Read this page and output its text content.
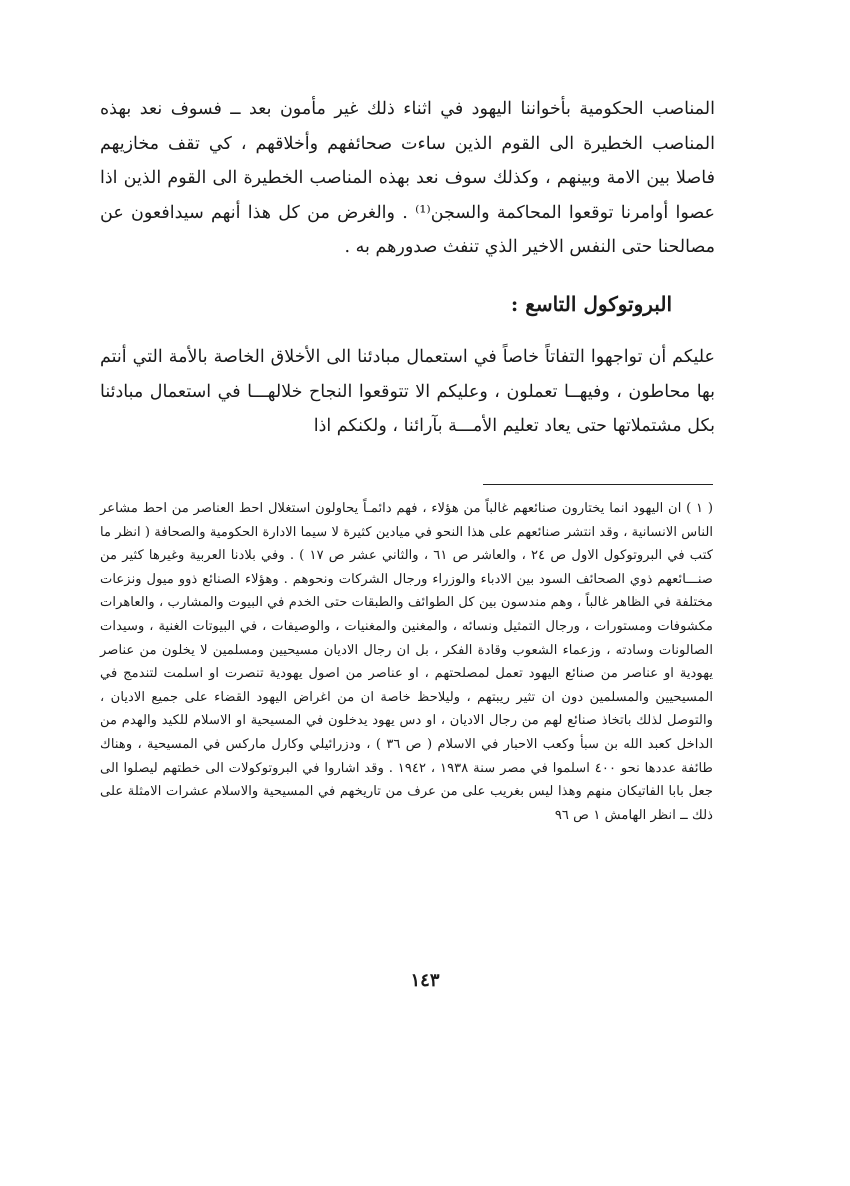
المناصب الحكومية بأخواننا اليهود في اثناء ذلك غير مأمون بعد ــ فسوف نعد بهذه المناصب الخطيرة الى القوم الذين ساءت صحائفهم وأخلاقهم ، كي تقف مخازيهم فاصلا بين الامة وبينهم ، وكذلك سوف نعد بهذه المناصب الخطيرة الى القوم الذين اذا عصوا أوامرنا توقعوا المحاكمة والسجن⁽¹⁾ . والغرض من كل هذا أنهم سيدافعون عن مصالحنا حتى النفس الاخير الذي تنفث صدورهم به .

البروتوكول التاسع :

عليكم أن تواجهوا التفاتاً خاصاً في استعمال مبادئنا الى الأخلاق الخاصة بالأمة التي أنتم بها محاطون ، وفيهــا تعملون ، وعليكم الا تتوقعوا النجاح خلالهـــا في استعمال مبادئنا بكل مشتملاتها حتى يعاد تعليم الأمـــة بآرائنا ، ولكنكم اذا

( ١ ) ان اليهود انما يختارون صنائعهم غالباً من هؤلاء ، فهم دائمـاً يحاولون استغلال احط العناصر من احط مشاعر الناس الانسانية ، وقد انتشر صنائعهم على هذا النحو في ميادين كثيرة لا سيما الادارة الحكومية والصحافة ( انظر ما كتب في البروتوكول الاول ص ٢٤ ، والعاشر ص ٦١ ، والثاني عشر ص ١٧ ) . وفي بلادنا العربية وغيرها كثير من صنـــائعهم ذوي الصحائف السود بين الادباء والوزراء ورجال الشركات ونحوهم . وهؤلاء الصنائع ذوو ميول ونزعات مختلفة في الظاهر غالباً ، وهم مندسون بين كل الطوائف والطبقات حتى الخدم في البيوت والمشارب ، والعاهرات مكشوفات ومستورات ، ورجال التمثيل ونسائه ، والمغنين والمغنيات ، والوصيفات ، في البيوتات الغنية ، وسيدات الصالونات وسادته ، وزعماء الشعوب وقادة الفكر ، بل ان رجال الاديان مسيحيين ومسلمين لا يخلون من عناصر يهودية او عناصر من صنائع اليهود تعمل لمصلحتهم ، او عناصر من اصول يهودية تنصرت او اسلمت لتندمج في المسيحيين والمسلمين دون ان تثير ريبتهم ، وليلاحظ خاصة ان من اغراض اليهود القضاء على جميع الاديان ، والتوصل لذلك باتخاذ صنائع لهم من رجال الاديان ، او دس يهود يدخلون في المسيحية او الاسلام للكيد والهدم من الداخل كعبد الله بن سبأ وكعب الاحبار في الاسلام ( ص ٣٦ ) ، ودزرائيلي وكارل ماركس في المسيحية ، وهناك طائفة عددها نحو ٤٠٠ اسلموا في مصر سنة ١٩٣٨ ، ١٩٤٢ . وقد اشاروا في البروتوكولات الى خطتهم ليصلوا الى جعل بابا الفاتيكان منهم وهذا ليس بغريب على من عرف من تاريخهم في المسيحية والاسلام عشرات الامثلة على ذلك ــ انظر الهامش ١ ص ٩٦

١٤٣
